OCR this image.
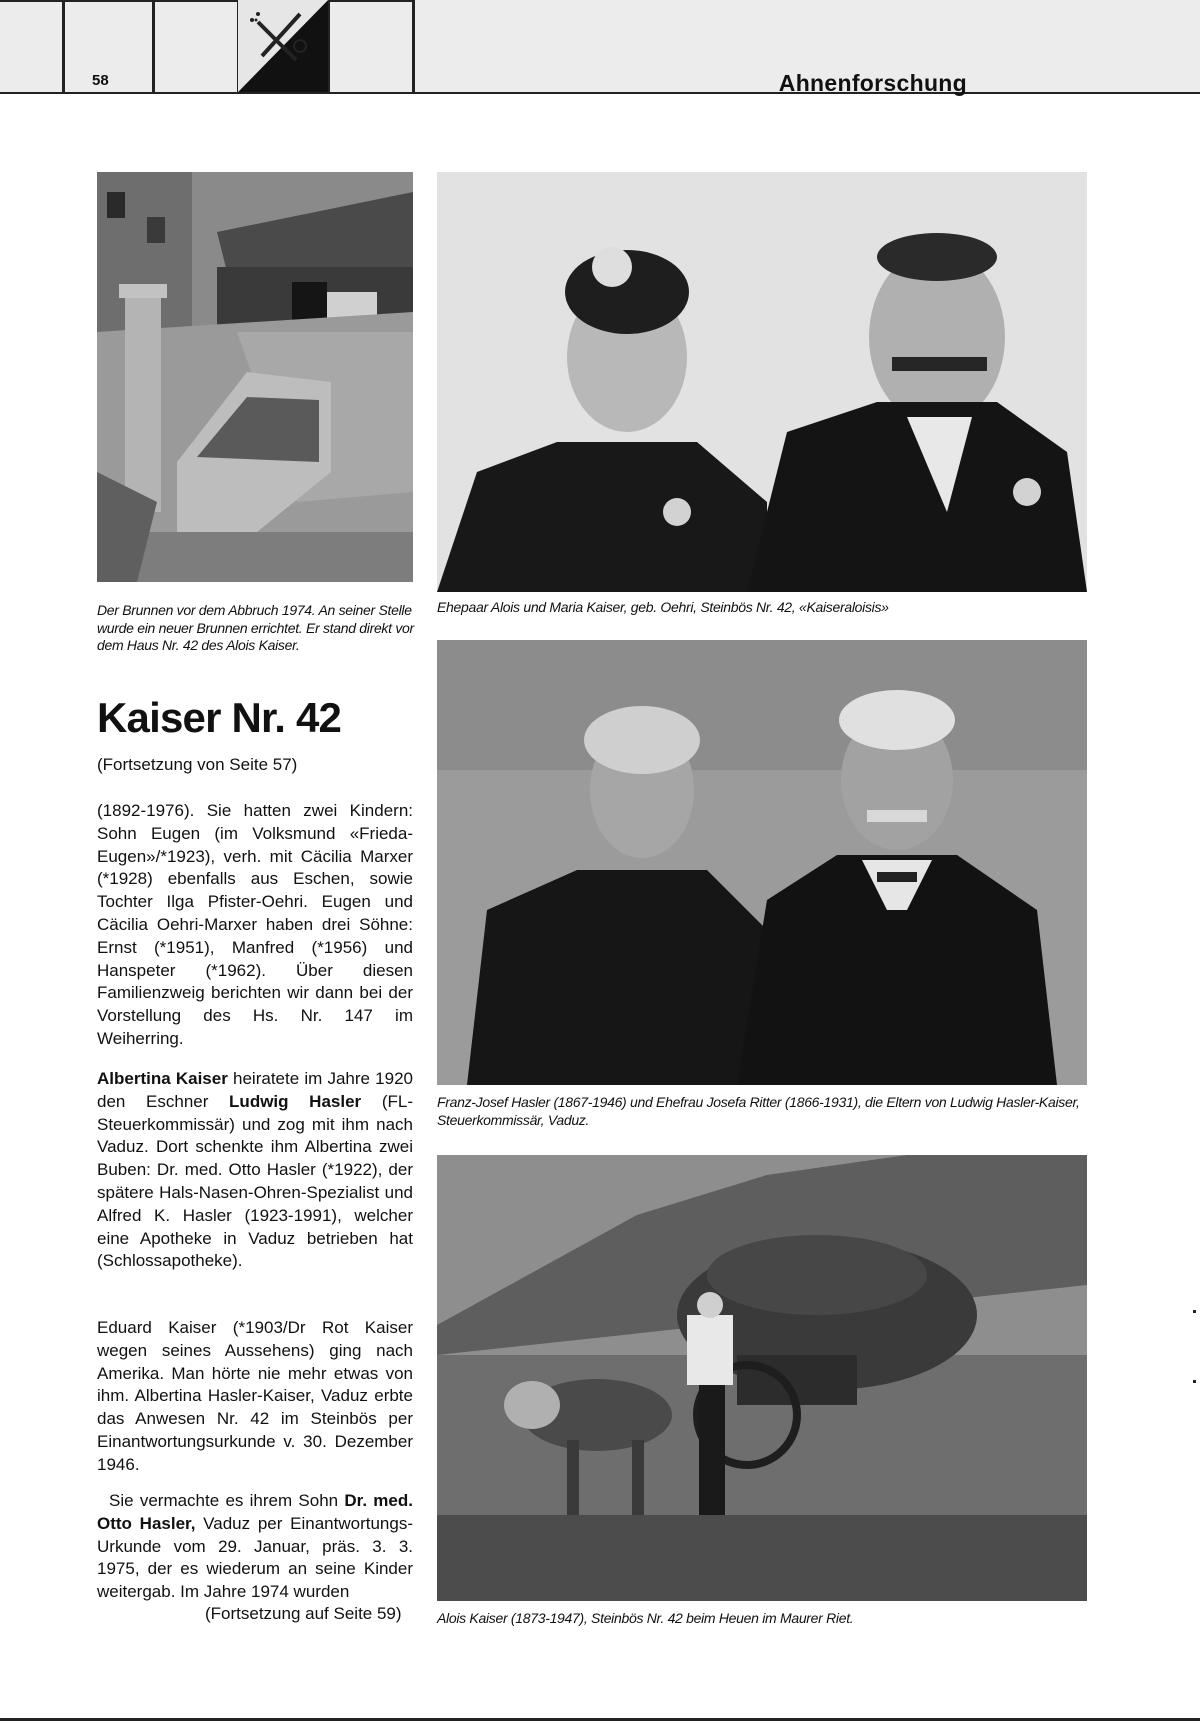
58	Ahnenforschung
Der Brunnen vor dem Abbruch 1974. An seiner Stelle wurde ein neuer Brunnen errichtet. Er stand direkt vor dem Haus Nr. 42 des Alois Kaiser.
Ehepaar Alois und Maria Kaiser, geb. Oehri, Steinbös Nr. 42, «Kaiseraloisis»
Franz-Josef Hasler (1867-1946) und Ehefrau Josefa Ritter (1866-1931), die Eltern von Ludwig Hasler-Kaiser, Steuerkommissär, Vaduz.
Alois Kaiser (1873-1947), Steinbös Nr. 42 beim Heuen im Maurer Riet.
Kaiser Nr. 42
(Fortsetzung von Seite 57)

(1892-1976). Sie hatten zwei Kindern: Sohn Eugen (im Volksmund «Frieda-Eugen»/*1923), verh. mit Cäcilia Marxer (*1928) ebenfalls aus Eschen, sowie Tochter Ilga Pfister-Oehri. Eugen und Cäcilia Oehri-Marxer haben drei Söhne: Ernst (*1951), Manfred (*1956) und Hanspeter (*1962). Über diesen Familienzweig berichten wir dann bei der Vorstellung des Hs. Nr. 147 im Weiherring.

Albertina Kaiser heiratete im Jahre 1920 den Eschner Ludwig Hasler (FL-Steuerkommissär) und zog mit ihm nach Vaduz. Dort schenkte ihm Albertina zwei Buben: Dr. med. Otto Hasler (*1922), der spätere Hals-Nasen-Ohren-Spezialist und Alfred K. Hasler (1923-1991), welcher eine Apotheke in Vaduz betrieben hat (Schlossapotheke).

Eduard Kaiser (*1903/Dr Rot Kaiser wegen seines Aussehens) ging nach Amerika. Man hörte nie mehr etwas von ihm. Albertina Hasler-Kaiser, Vaduz erbte das Anwesen Nr. 42 im Steinbös per Einantwortungsurkunde v. 30. Dezember 1946.

Sie vermachte es ihrem Sohn Dr. med. Otto Hasler, Vaduz per Einantwortungs-Urkunde vom 29. Januar, präs. 3. 3. 1975, der es wiederum an seine Kinder weitergab. Im Jahre 1974 wurden

(Fortsetzung auf Seite 59)
